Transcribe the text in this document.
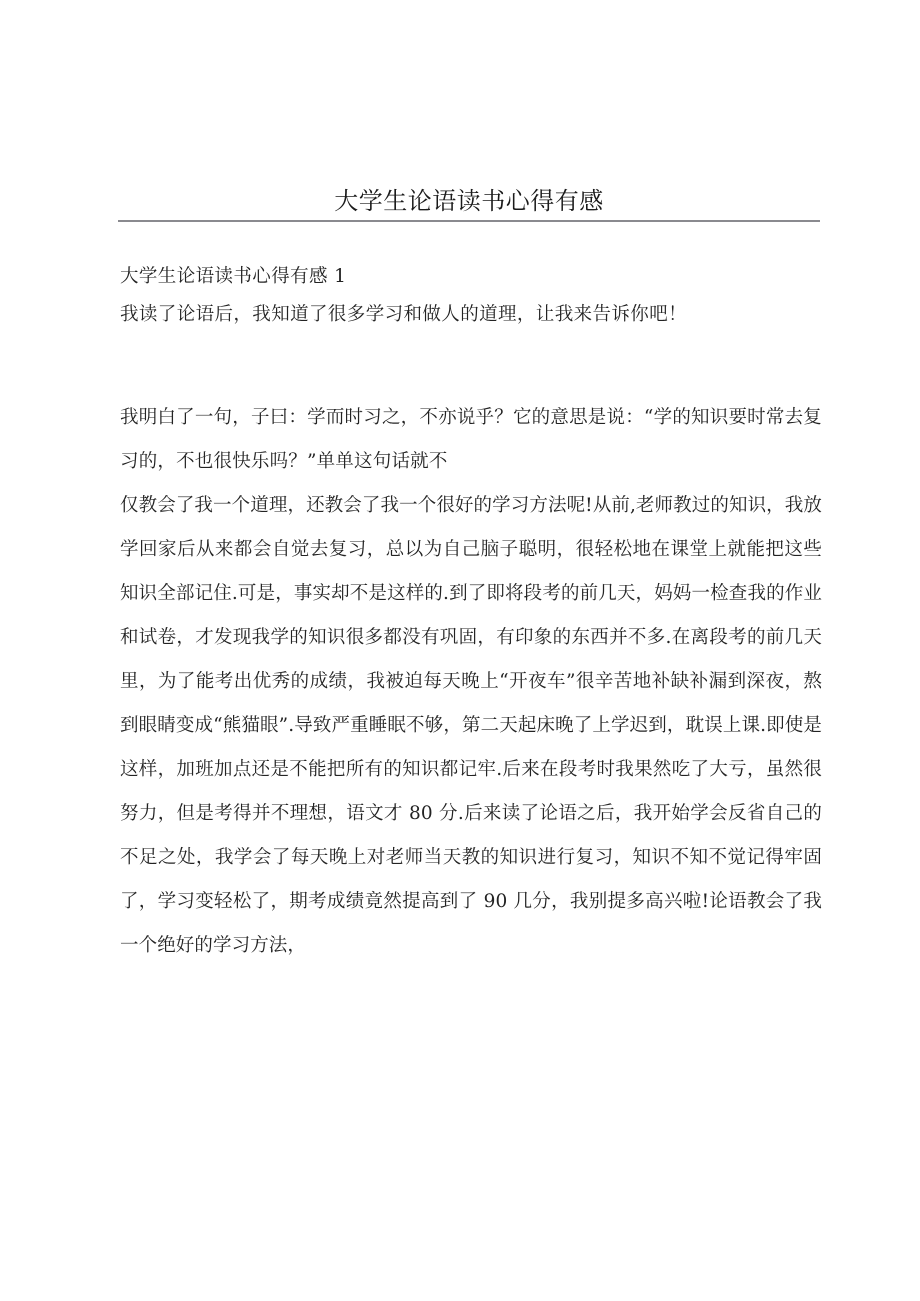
大学生论语读书心得有感

大学生论语读书心得有感 1

我读了论语后，我知道了很多学习和做人的道理，让我来告诉你吧！

我明白了一句，子曰：学而时习之，不亦说乎？它的意思是说：“学的知识要时常去复习的，不也很快乐吗？”单单这句话就不

仅教会了我一个道理，还教会了我一个很好的学习方法呢!从前,老师教过的知识，我放学回家后从来都会自觉去复习，总以为自己脑子聪明，很轻松地在课堂上就能把这些知识全部记住.可是，事实却不是这样的.到了即将段考的前几天，妈妈一检查我的作业和试卷，才发现我学的知识很多都没有巩固，有印象的东西并不多.在离段考的前几天里，为了能考出优秀的成绩，我被迫每天晚上“开夜车”很辛苦地补缺补漏到深夜，熬到眼睛变成“熊猫眼”.导致严重睡眠不够，第二天起床晚了上学迟到，耽误上课.即使是这样，加班加点还是不能把所有的知识都记牢.后来在段考时我果然吃了大亏，虽然很努力，但是考得并不理想，语文才 80 分.后来读了论语之后，我开始学会反省自己的不足之处，我学会了每天晚上对老师当天教的知识进行复习，知识不知不觉记得牢固了，学习变轻松了，期考成绩竟然提高到了 90 几分，我别提多高兴啦!论语教会了我一个绝好的学习方法，
